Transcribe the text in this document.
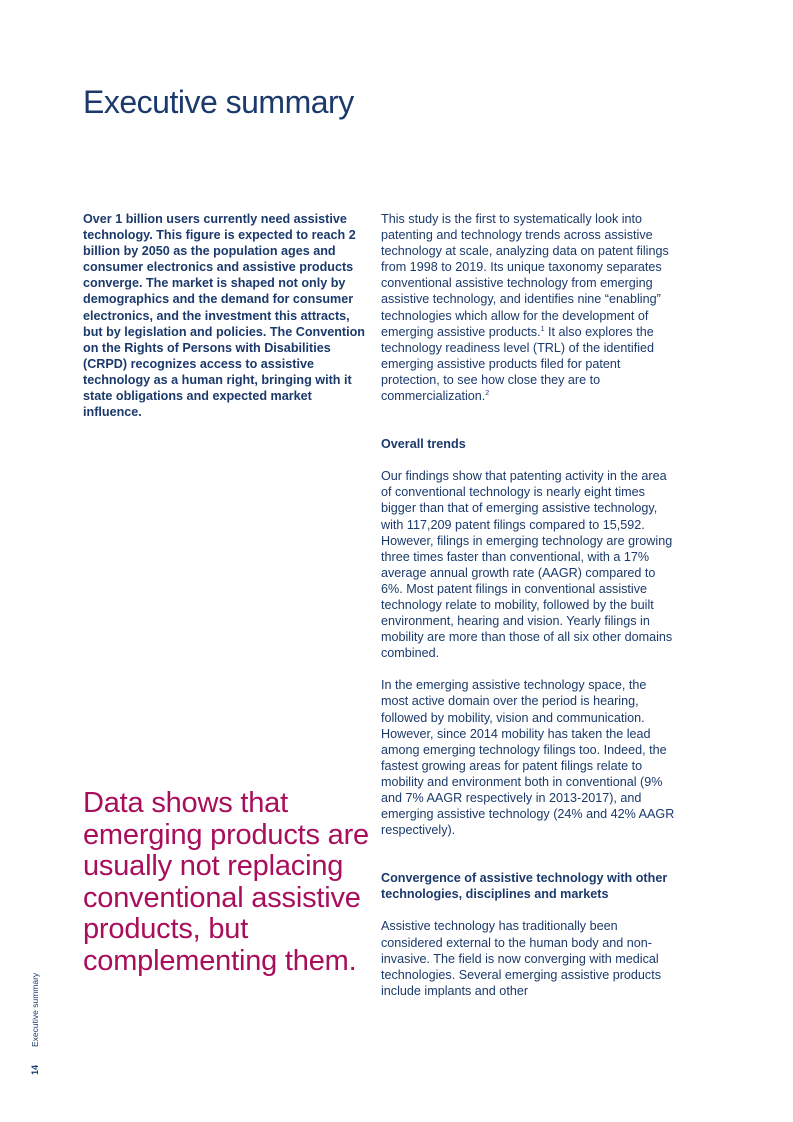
Executive summary

Over 1 billion users currently need assistive technology. This figure is expected to reach 2 billion by 2050 as the population ages and consumer electronics and assistive products converge. The market is shaped not only by demographics and the demand for consumer electronics, and the investment this attracts, but by legislation and policies. The Convention on the Rights of Persons with Disabilities (CRPD) recognizes access to assistive technology as a human right, bringing with it state obligations and expected market influence.

Data shows that emerging products are usually not replacing conventional assistive products, but complementing them.

This study is the first to systematically look into patenting and technology trends across assistive technology at scale, analyzing data on patent filings from 1998 to 2019. Its unique taxonomy separates conventional assistive technology from emerging assistive technology, and identifies nine “enabling” technologies which allow for the development of emerging assistive products.$^1$ It also explores the technology readiness level (TRL) of the identified emerging assistive products filed for patent protection, to see how close they are to commercialization.$^2$

Overall trends

Our findings show that patenting activity in the area of conventional technology is nearly eight times bigger than that of emerging assistive technology, with 117,209 patent filings compared to 15,592. However, filings in emerging technology are growing three times faster than conventional, with a 17% average annual growth rate (AAGR) compared to 6%. Most patent filings in conventional assistive technology relate to mobility, followed by the built environment, hearing and vision. Yearly filings in mobility are more than those of all six other domains combined.

In the emerging assistive technology space, the most active domain over the period is hearing, followed by mobility, vision and communication. However, since 2014 mobility has taken the lead among emerging technology filings too. Indeed, the fastest growing areas for patent filings relate to mobility and environment both in conventional (9% and 7% AAGR respectively in 2013-2017), and emerging assistive technology (24% and 42% AAGR respectively).

Convergence of assistive technology with other technologies, disciplines and markets

Assistive technology has traditionally been considered external to the human body and non-invasive. The field is now converging with medical technologies. Several emerging assistive products include implants and other

14
Executive summary
